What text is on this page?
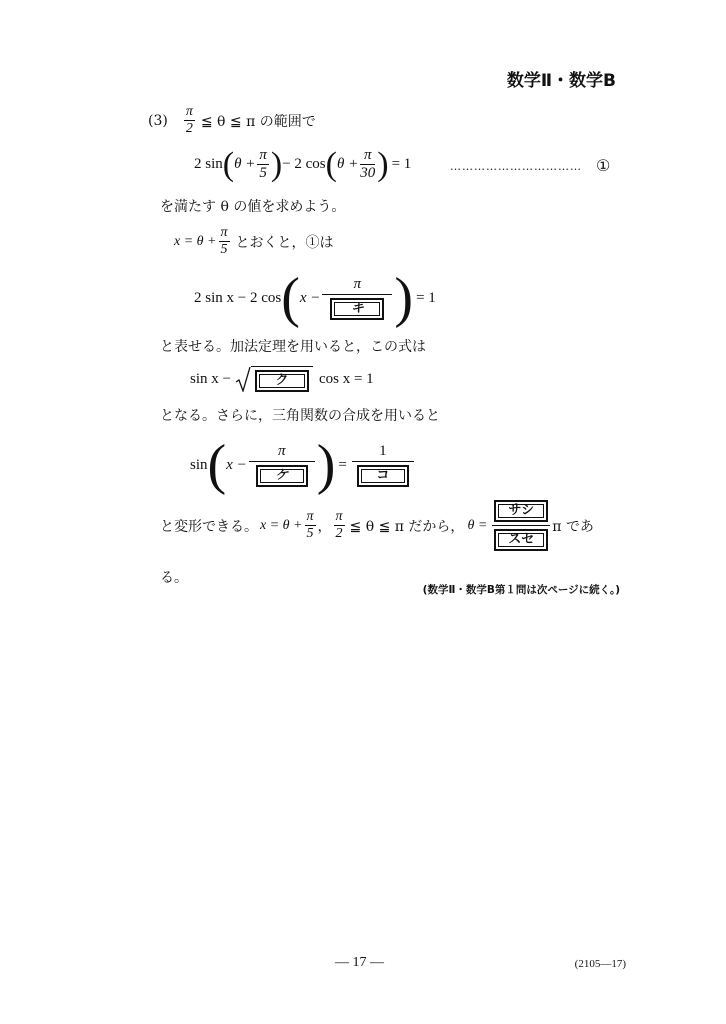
数学Ⅱ・数学B
$(3) \frac{\pi}{2}$ ≦ θ ≦ π の範囲で
2 sin ( $\theta + \frac{\pi}{5}$ ) − 2 cos ( $\theta + \frac{\pi}{30}$ ) = 1	…………………………… ①
を満たす θ の値を求めよう。
$x = \theta + \frac{\pi}{5}$ とおくと，①は
2 sin x − 2 cos ( $x - \frac{\pi}{\text{キ}}$ ) = 1
と表せる。加法定理を用いると，この式は
sin x −	ク	cos x = 1
となる。さらに，三角関数の合成を用いると
sin ( $x - \frac{\pi}{\text{ケ}}$ ) = $\frac{1}{\text{コ}}$
と変形できる。 $x = \theta + \frac{\pi}{5}$ ， $\frac{\pi}{2}$ ≦ θ ≦ π だから， $\theta = \frac{\text{サシ}}{\text{スセ}}$ π であ
る。
(数学Ⅱ・数学B第１問は次ページに続く。)
— 17 —	(2105—17)
